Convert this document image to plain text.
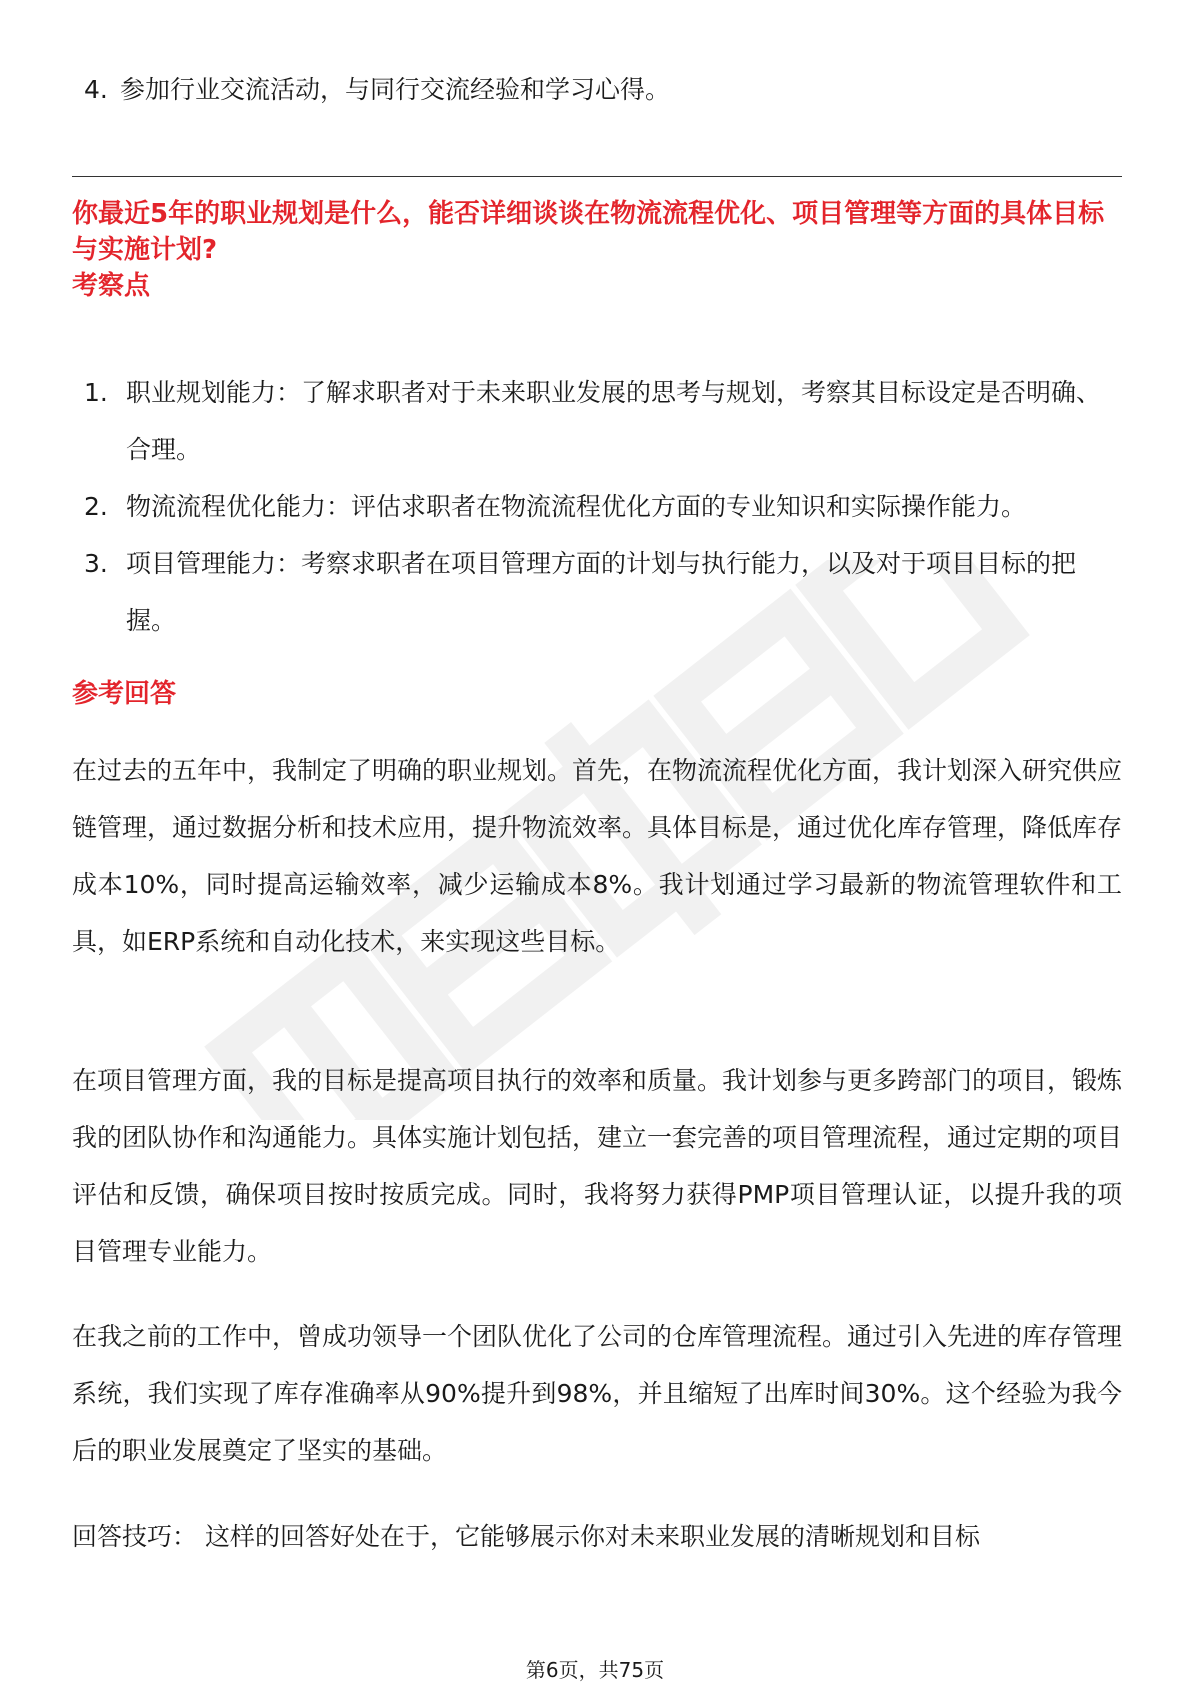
4. 参加行业交流活动，与同行交流经验和学习心得。
你最近5年的职业规划是什么，能否详细谈谈在物流流程优化、项目管理等方面的具体目标与实施计划?
考察点
1. 职业规划能力：了解求职者对于未来职业发展的思考与规划，考察其目标设定是否明确、合理。
2. 物流流程优化能力：评估求职者在物流流程优化方面的专业知识和实际操作能力。
3. 项目管理能力：考察求职者在项目管理方面的计划与执行能力，以及对于项目目标的把握。
参考回答

在过去的五年中，我制定了明确的职业规划。首先，在物流流程优化方面，我计划深入研究供应链管理，通过数据分析和技术应用，提升物流效率。具体目标是，通过优化库存管理，降低库存成本10%，同时提高运输效率，减少运输成本8%。我计划通过学习最新的物流管理软件和工具，如ERP系统和自动化技术，来实现这些目标。

在项目管理方面，我的目标是提高项目执行的效率和质量。我计划参与更多跨部门的项目，锻炼我的团队协作和沟通能力。具体实施计划包括，建立一套完善的项目管理流程，通过定期的项目评估和反馈，确保项目按时按质完成。同时，我将努力获得PMP项目管理认证，以提升我的项目管理专业能力。

在我之前的工作中，曾成功领导一个团队优化了公司的仓库管理流程。通过引入先进的库存管理系统，我们实现了库存准确率从90%提升到98%，并且缩短了出库时间30%。这个经验为我今后的职业发展奠定了坚实的基础。

回答技巧： 这样的回答好处在于，它能够展示你对未来职业发展的清晰规划和目标

第6页，共75页
